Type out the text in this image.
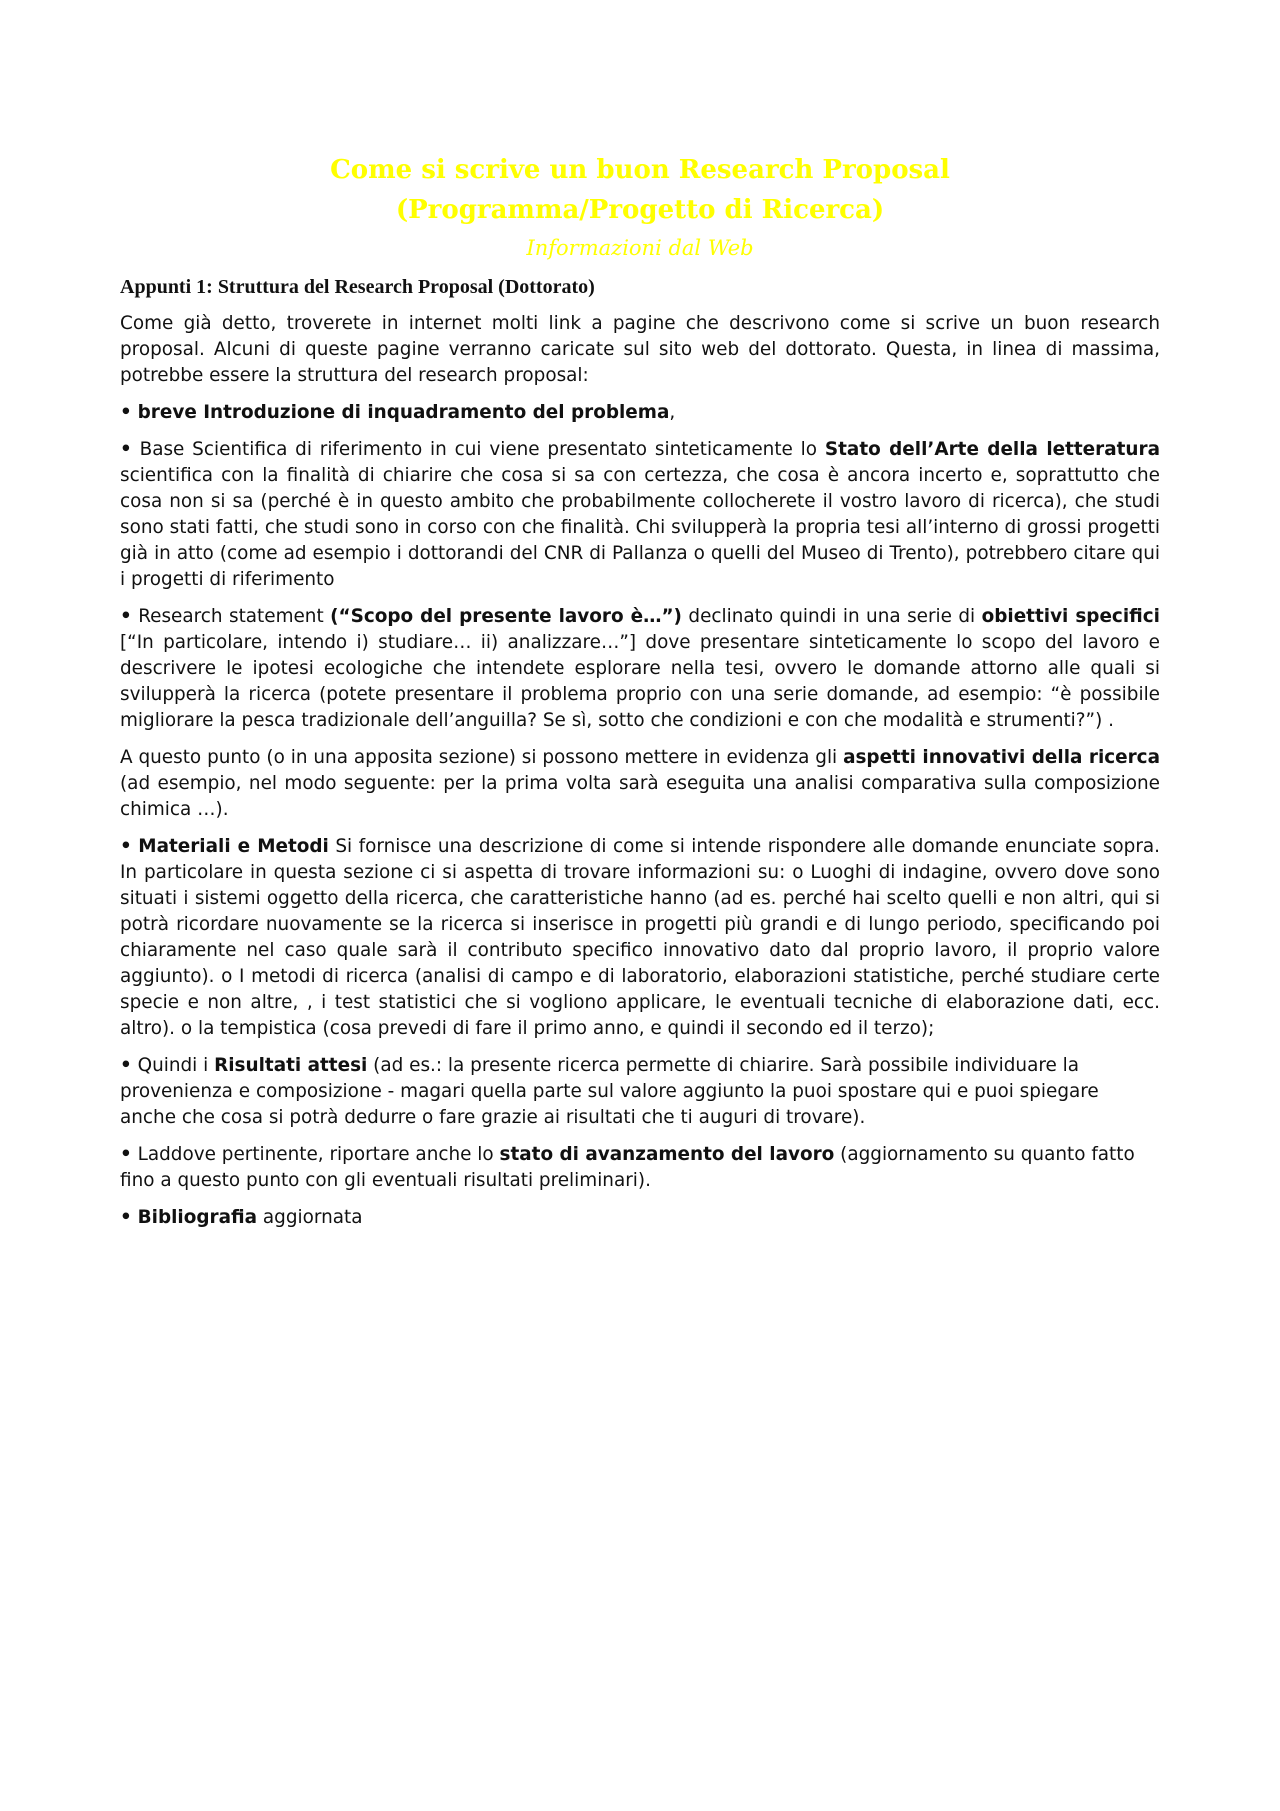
Come si scrive un buon Research Proposal
(Programma/Progetto di Ricerca)
Informazioni dal Web
Appunti 1: Struttura del Research Proposal (Dottorato)

Come già detto, troverete in internet molti link a pagine che descrivono come si scrive un buon research proposal. Alcuni di queste pagine verranno caricate sul sito web del dottorato. Questa, in linea di massima, potrebbe essere la struttura del research proposal:

• breve Introduzione di inquadramento del problema,

• Base Scientifica di riferimento in cui viene presentato sinteticamente lo Stato dell’Arte della letteratura scientifica con la finalità di chiarire che cosa si sa con certezza, che cosa è ancora incerto e, soprattutto che cosa non si sa (perché è in questo ambito che probabilmente collocherete il vostro lavoro di ricerca), che studi sono stati fatti, che studi sono in corso con che finalità. Chi svilupperà la propria tesi all’interno di grossi progetti già in atto (come ad esempio i dottorandi del CNR di Pallanza o quelli del Museo di Trento), potrebbero citare qui i progetti di riferimento

• Research statement (“Scopo del presente lavoro è…”) declinato quindi in una serie di obiettivi specifici [“In particolare, intendo i) studiare… ii) analizzare…”] dove presentare sinteticamente lo scopo del lavoro e descrivere le ipotesi ecologiche che intendete esplorare nella tesi, ovvero le domande attorno alle quali si svilupperà la ricerca (potete presentare il problema proprio con una serie domande, ad esempio: “è possibile migliorare la pesca tradizionale dell’anguilla? Se sì, sotto che condizioni e con che modalità e strumenti?”) .

A questo punto (o in una apposita sezione) si possono mettere in evidenza gli aspetti innovativi della ricerca (ad esempio, nel modo seguente: per la prima volta sarà eseguita una analisi comparativa sulla composizione chimica …).

• Materiali e Metodi Si fornisce una descrizione di come si intende rispondere alle domande enunciate sopra. In particolare in questa sezione ci si aspetta di trovare informazioni su: o Luoghi di indagine, ovvero dove sono situati i sistemi oggetto della ricerca, che caratteristiche hanno (ad es. perché hai scelto quelli e non altri, qui si potrà ricordare nuovamente se la ricerca si inserisce in progetti più grandi e di lungo periodo, specificando poi chiaramente nel caso quale sarà il contributo specifico innovativo dato dal proprio lavoro, il proprio valore aggiunto). o I metodi di ricerca (analisi di campo e di laboratorio, elaborazioni statistiche, perché studiare certe specie e non altre, , i test statistici che si vogliono applicare, le eventuali tecniche di elaborazione dati, ecc. altro). o la tempistica (cosa prevedi di fare il primo anno, e quindi il secondo ed il terzo);

• Quindi i Risultati attesi (ad es.: la presente ricerca permette di chiarire. Sarà possibile individuare la provenienza e composizione - magari quella parte sul valore aggiunto la puoi spostare qui e puoi spiegare anche che cosa si potrà dedurre o fare grazie ai risultati che ti auguri di trovare).

• Laddove pertinente, riportare anche lo stato di avanzamento del lavoro (aggiornamento su quanto fatto fino a questo punto con gli eventuali risultati preliminari).

• Bibliografia aggiornata
